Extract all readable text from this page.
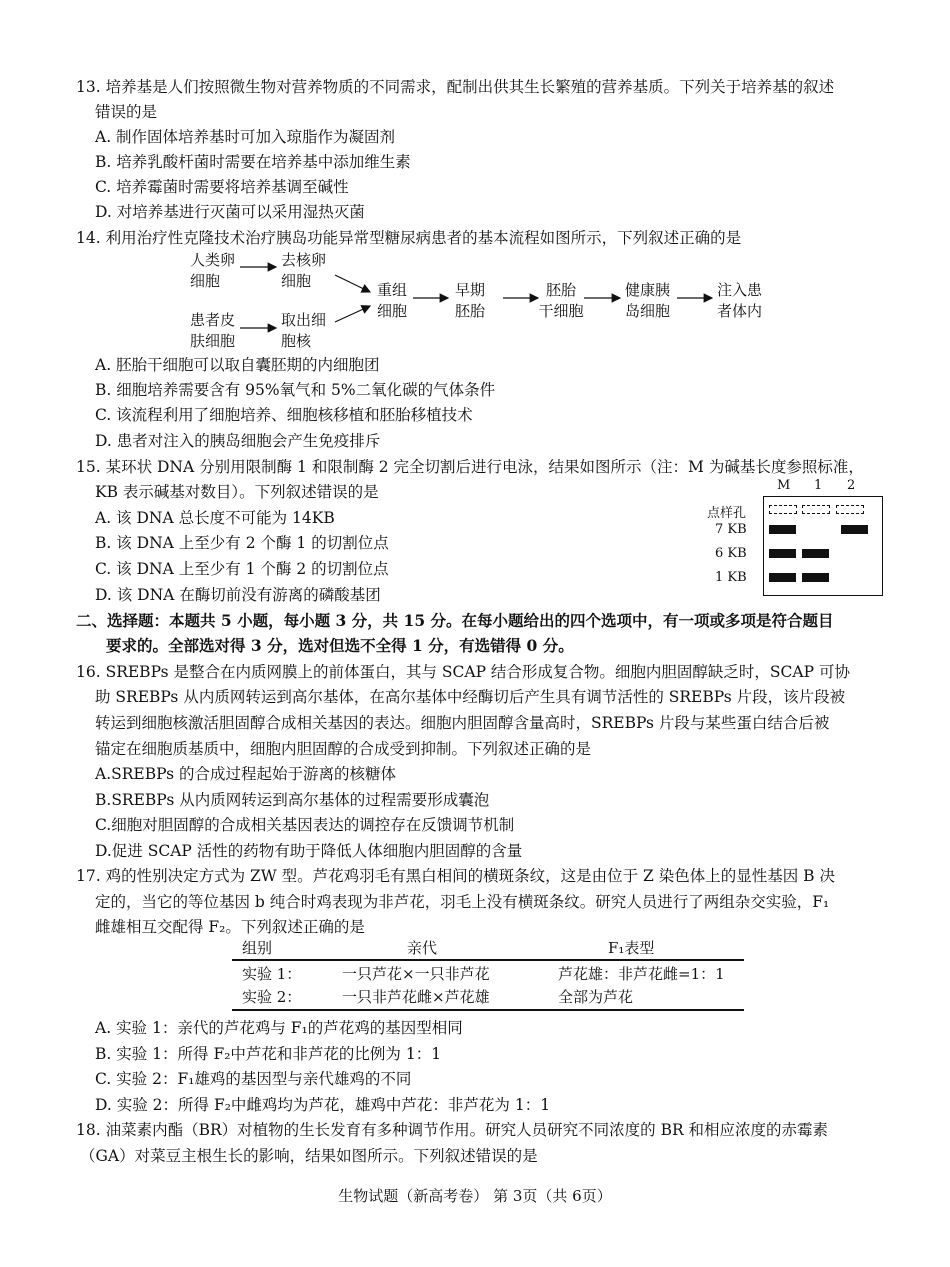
13. 培养基是人们按照微生物对营养物质的不同需求，配制出供其生长繁殖的营养基质。下列关于培养基的叙述
错误的是
A. 制作固体培养基时可加入琼脂作为凝固剂
B. 培养乳酸杆菌时需要在培养基中添加维生素
C. 培养霉菌时需要将培养基调至碱性
D. 对培养基进行灭菌可以采用湿热灭菌
14. 利用治疗性克隆技术治疗胰岛功能异常型糖尿病患者的基本流程如图所示，下列叙述正确的是
人类卵
细胞
去核卵
细胞
患者皮
肤细胞
取出细
胞核
重组
细胞
早期
胚胎
胚胎
干细胞
健康胰
岛细胞
注入患
者体内
A. 胚胎干细胞可以取自囊胚期的内细胞团
B. 细胞培养需要含有 95%氧气和 5%二氧化碳的气体条件
C. 该流程利用了细胞培养、细胞核移植和胚胎移植技术
D. 患者对注入的胰岛细胞会产生免疫排斥
15. 某环状 DNA 分别用限制酶 1 和限制酶 2 完全切割后进行电泳，结果如图所示（注：M 为碱基长度参照标准，
KB 表示碱基对数目）。下列叙述错误的是
A. 该 DNA 总长度不可能为 14KB
B. 该 DNA 上至少有 2 个酶 1 的切割位点
C. 该 DNA 上至少有 1 个酶 2 的切割位点
D. 该 DNA 在酶切前没有游离的磷酸基团
M 1 2
点样孔
7 KB
6 KB
1 KB
二、选择题：本题共 5 小题，每小题 3 分，共 15 分。在每小题给出的四个选项中，有一项或多项是符合题目
要求的。全部选对得 3 分，选对但选不全得 1 分，有选错得 0 分。
16. SREBPs 是整合在内质网膜上的前体蛋白，其与 SCAP 结合形成复合物。细胞内胆固醇缺乏时，SCAP 可协
助 SREBPs 从内质网转运到高尔基体，在高尔基体中经酶切后产生具有调节活性的 SREBPs 片段，该片段被
转运到细胞核激活胆固醇合成相关基因的表达。细胞内胆固醇含量高时，SREBPs 片段与某些蛋白结合后被
锚定在细胞质基质中，细胞内胆固醇的合成受到抑制。下列叙述正确的是
A.SREBPs 的合成过程起始于游离的核糖体
B.SREBPs 从内质网转运到高尔基体的过程需要形成囊泡
C.细胞对胆固醇的合成相关基因表达的调控存在反馈调节机制
D.促进 SCAP 活性的药物有助于降低人体细胞内胆固醇的含量
17. 鸡的性别决定方式为 ZW 型。芦花鸡羽毛有黑白相间的横斑条纹，这是由位于 Z 染色体上的显性基因 B 决
定的，当它的等位基因 b 纯合时鸡表现为非芦花，羽毛上没有横斑条纹。研究人员进行了两组杂交实验，F₁
雌雄相互交配得 F₂。下列叙述正确的是
组别	亲代	F₁表型
实验 1：	一只芦花×一只非芦花	芦花雄：非芦花雌=1：1
实验 2：	一只非芦花雌×芦花雄	全部为芦花
A. 实验 1：亲代的芦花鸡与 F₁的芦花鸡的基因型相同
B. 实验 1：所得 F₂中芦花和非芦花的比例为 1：1
C. 实验 2：F₁雄鸡的基因型与亲代雄鸡的不同
D. 实验 2：所得 F₂中雌鸡均为芦花，雄鸡中芦花：非芦花为 1：1
18. 油菜素内酯（BR）对植物的生长发育有多种调节作用。研究人员研究不同浓度的 BR 和相应浓度的赤霉素
（GA）对菜豆主根生长的影响，结果如图所示。下列叙述错误的是
生物试题（新高考卷） 第 3页（共 6页）
